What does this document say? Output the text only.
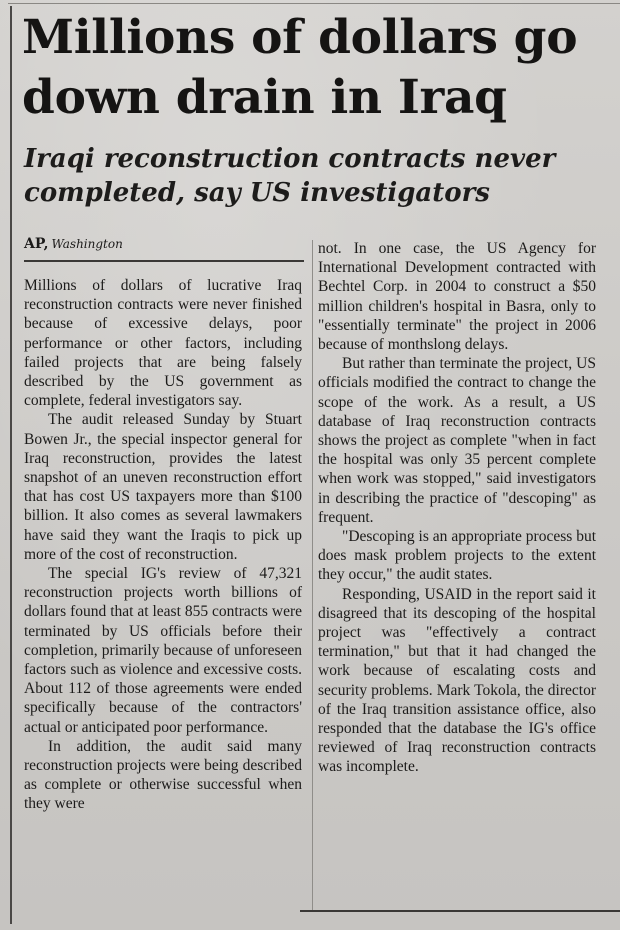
Millions of dollars go down drain in Iraq
Iraqi reconstruction contracts never completed, say US investigators
AP, Washington

Millions of dollars of lucrative Iraq reconstruction contracts were never finished because of excessive delays, poor performance or other factors, including failed projects that are being falsely described by the US government as complete, federal investigators say.

The audit released Sunday by Stuart Bowen Jr., the special inspector general for Iraq reconstruction, provides the latest snapshot of an uneven reconstruction effort that has cost US taxpayers more than $100 billion. It also comes as several lawmakers have said they want the Iraqis to pick up more of the cost of reconstruction.

The special IG's review of 47,321 reconstruction projects worth billions of dollars found that at least 855 contracts were terminated by US officials before their completion, primarily because of unforeseen factors such as violence and excessive costs. About 112 of those agreements were ended specifically because of the contractors' actual or anticipated poor performance.

In addition, the audit said many reconstruction projects were being described as complete or otherwise successful when they were

not. In one case, the US Agency for International Development contracted with Bechtel Corp. in 2004 to construct a $50 million children's hospital in Basra, only to "essentially terminate" the project in 2006 because of monthslong delays.

But rather than terminate the project, US officials modified the contract to change the scope of the work. As a result, a US database of Iraq reconstruction contracts shows the project as complete "when in fact the hospital was only 35 percent complete when work was stopped," said investigators in describing the practice of "descoping" as frequent.

"Descoping is an appropriate process but does mask problem projects to the extent they occur," the audit states.

Responding, USAID in the report said it disagreed that its descoping of the hospital project was "effectively a contract termination," but that it had changed the work because of escalating costs and security problems. Mark Tokola, the director of the Iraq transition assistance office, also responded that the database the IG's office reviewed of Iraq reconstruction contracts was incomplete.
